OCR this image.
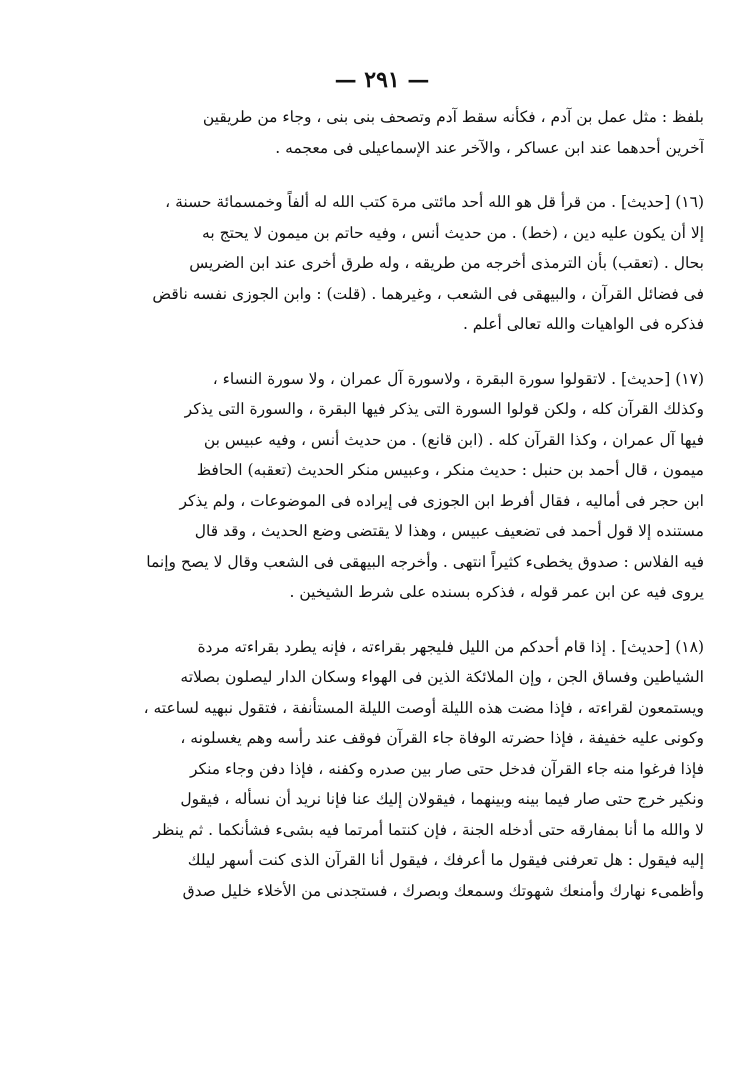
— ٢٩١ —

بلفظ : مثل عمل بن آدم ، فكأنه سقط آدم وتصحف بنى بنى ، وجاء من طريقين
آخرين أحدهما عند ابن عساكر ، والآخر عند الإسماعيلى فى معجمه .

(١٦) [حديث] . من قرأ قل هو الله أحد مائتى مرة كتب الله له ألفاً وخمسمائة حسنة ،
إلا أن يكون عليه دين ، (خط) . من حديث أنس ، وفيه حاتم بن ميمون لا يحتج به
بحال . (تعقب) بأن الترمذى أخرجه من طريقه ، وله طرق أخرى عند ابن الضريس
فى فضائل القرآن ، والبيهقى فى الشعب ، وغيرهما . (قلت) : وابن الجوزى نفسه ناقض
فذكره فى الواهيات والله تعالى أعلم .

(١٧) [حديث] . لاتقولوا سورة البقرة ، ولاسورة آل عمران ، ولا سورة النساء ،
وكذلك القرآن كله ، ولكن قولوا السورة التى يذكر فيها البقرة ، والسورة التى يذكر
فيها آل عمران ، وكذا القرآن كله . (ابن قانع) . من حديث أنس ، وفيه عبيس بن
ميمون ، قال أحمد بن حنبل : حديث منكر ، وعبيس منكر الحديث (تعقبه) الحافظ
ابن حجر فى أماليه ، فقال أفرط ابن الجوزى فى إيراده فى الموضوعات ، ولم يذكر
مستنده إلا قول أحمد فى تضعيف عبيس ، وهذا لا يقتضى وضع الحديث ، وقد قال
فيه الفلاس : صدوق يخطىء كثيراً انتهى . وأخرجه البيهقى فى الشعب وقال لا يصح وإنما
يروى فيه عن ابن عمر قوله ، فذكره بسنده على شرط الشيخين .

(١٨) [حديث] . إذا قام أحدكم من الليل فليجهر بقراءته ، فإنه يطرد بقراءته مردة
الشياطين وفساق الجن ، وإن الملائكة الذين فى الهواء وسكان الدار ليصلون بصلاته
ويستمعون لقراءته ، فإذا مضت هذه الليلة أوصت الليلة المستأنفة ، فتقول نبهيه لساعته ،
وكونى عليه خفيفة ، فإذا حضرته الوفاة جاء القرآن فوقف عند رأسه وهم يغسلونه ،
فإذا فرغوا منه جاء القرآن فدخل حتى صار بين صدره وكفنه ، فإذا دفن وجاء منكر
ونكير خرج حتى صار فيما بينه وبينهما ، فيقولان إليك عنا فإنا نريد أن نسأله ، فيقول
لا والله ما أنا بمفارقه حتى أدخله الجنة ، فإن كنتما أمرتما فيه بشىء فشأنكما . ثم ينظر
إليه فيقول : هل تعرفنى فيقول ما أعرفك ، فيقول أنا القرآن الذى كنت أسهر ليلك
وأظمىء نهارك وأمنعك شهوتك وسمعك وبصرك ، فستجدنى من الأخلاء خليل صدق
